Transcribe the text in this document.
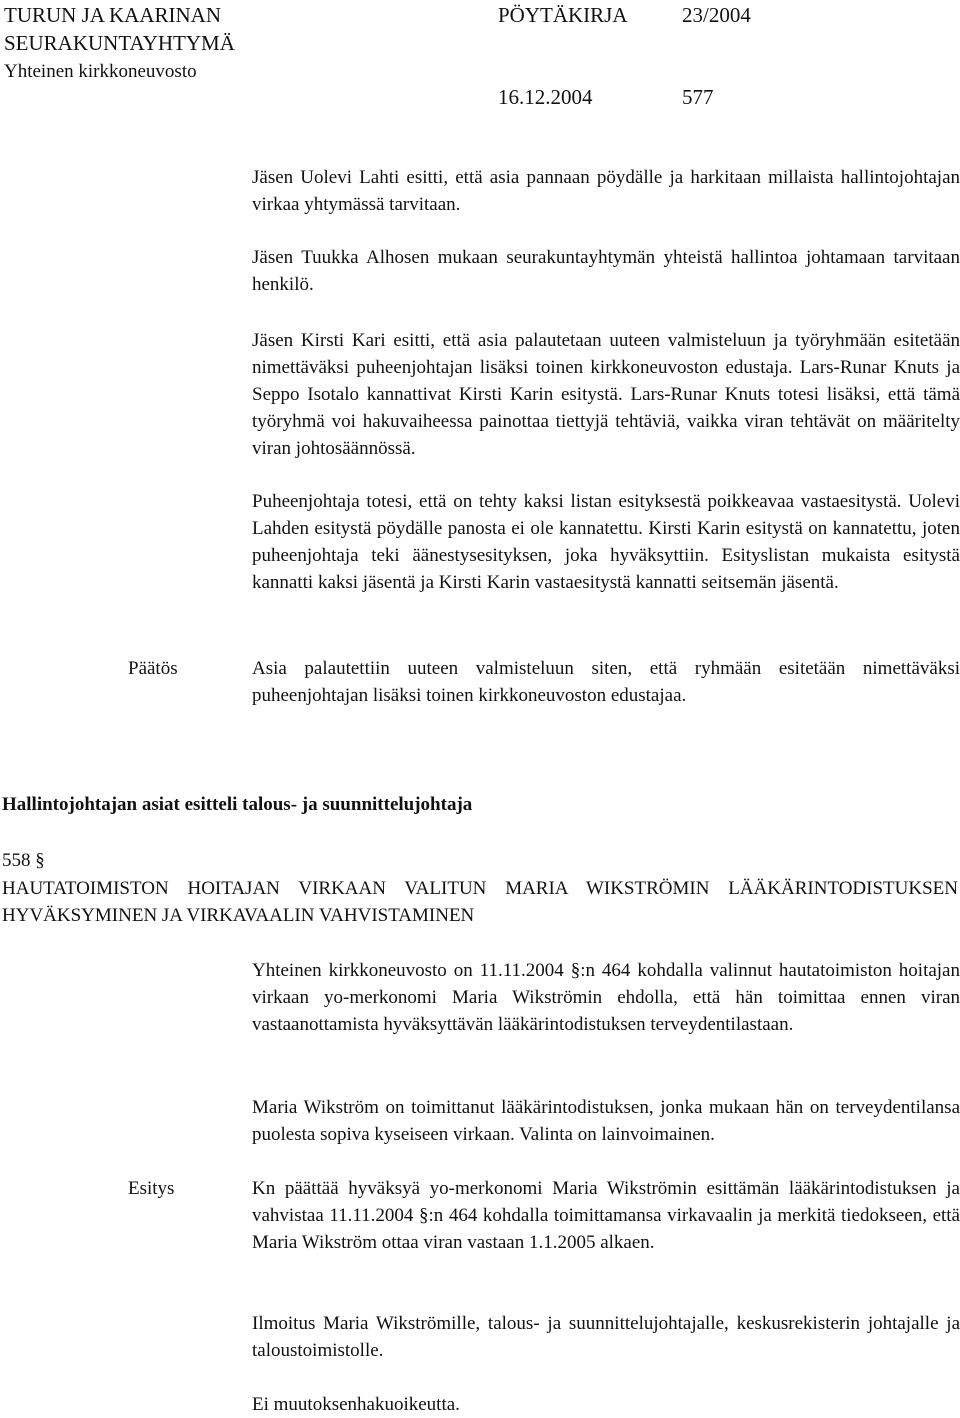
TURUN JA KAARINAN
SEURAKUNTAYHTYMÄ
Yhteinen kirkkoneuvosto
PÖYTÄKIRJA	23/2004
16.12.2004	577

Jäsen Uolevi Lahti esitti, että asia pannaan pöydälle ja harkitaan millaista hallintojohtajan virkaa yhtymässä tarvitaan.

Jäsen Tuukka Alhosen mukaan seurakuntayhtymän yhteistä hallintoa johtamaan tarvitaan henkilö.

Jäsen Kirsti Kari esitti, että asia palautetaan uuteen valmisteluun ja työryhmään esitetään nimettäväksi puheenjohtajan lisäksi toinen kirkkoneuvoston edustaja. Lars-Runar Knuts ja Seppo Isotalo kannattivat Kirsti Karin esitystä. Lars-Runar Knuts totesi lisäksi, että tämä työryhmä voi hakuvaiheessa painottaa tiettyjä tehtäviä, vaikka viran tehtävät on määritelty viran johtosäännössä.

Puheenjohtaja totesi, että on tehty kaksi listan esityksestä poikkeavaa vastaesitystä. Uolevi Lahden esitystä pöydälle panosta ei ole kannatettu. Kirsti Karin esitystä on kannatettu, joten puheenjohtaja teki äänestysesityksen, joka hyväksyttiin. Esityslistan mukaista esitystä kannatti kaksi jäsentä ja Kirsti Karin vastaesitystä kannatti seitsemän jäsentä.

Päätös	Asia palautettiin uuteen valmisteluun siten, että ryhmään esitetään nimettäväksi puheenjohtajan lisäksi toinen kirkkoneuvoston edustajaa.

Hallintojohtajan asiat esitteli talous- ja suunnittelujohtaja
558 §
HAUTATOIMISTON HOITAJAN VIRKAAN VALITUN MARIA WIKSTRÖMIN LÄÄKÄRINTODISTUKSEN HYVÄKSYMINEN JA VIRKAVAALIN VAHVISTAMINEN

Yhteinen kirkkoneuvosto on 11.11.2004 §:n 464 kohdalla valinnut hautatoimiston hoitajan virkaan yo-merkonomi Maria Wikströmin ehdolla, että hän toimittaa ennen viran vastaanottamista hyväksyttävän lääkärintodistuksen terveydentilastaan.

Maria Wikström on toimittanut lääkärintodistuksen, jonka mukaan hän on terveydentilansa puolesta sopiva kyseiseen virkaan. Valinta on lainvoimainen.

Esitys	Kn päättää hyväksyä yo-merkonomi Maria Wikströmin esittämän lääkärintodistuksen ja vahvistaa 11.11.2004 §:n 464 kohdalla toimittamansa virkavaalin ja merkitä tiedokseen, että Maria Wikström ottaa viran vastaan 1.1.2005 alkaen.

Ilmoitus Maria Wikströmille, talous- ja suunnittelujohtajalle, keskusrekisterin johtajalle ja taloustoimistolle.

Ei muutoksenhakuoikeutta.
